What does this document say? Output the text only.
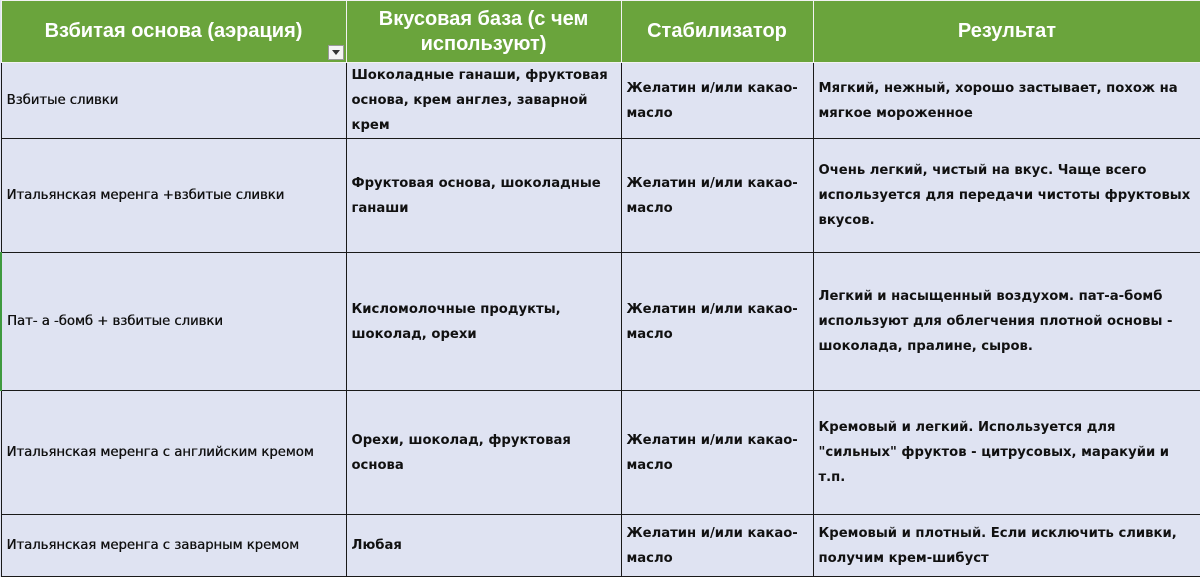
Взбитая основа (аэрация)	Вкусовая база (с чем используют)	Стабилизатор	Результат
Взбитые сливки	Шоколадные ганаши, фруктовая основа, крем англез, заварной крем	Желатин и/или какао-масло	Мягкий, нежный, хорошо застывает, похож на мягкое мороженное
Итальянская меренга +взбитые сливки	Фруктовая основа, шоколадные ганаши	Желатин и/или какао-масло	Очень легкий, чистый на вкус. Чаще всего используется для передачи чистоты фруктовых вкусов.
Пат- а -бомб + взбитые сливки	Кисломолочные продукты, шоколад, орехи	Желатин и/или какао-масло	Легкий и насыщенный воздухом. пат-а-бомб используют для облегчения плотной основы - шоколада, пралине, сыров.
Итальянская меренга с английским кремом	Орехи, шоколад, фруктовая основа	Желатин и/или какао-масло	Кремовый и легкий. Используется для "сильных" фруктов - цитрусовых, маракуйи и т.п.
Итальянская меренга с заварным кремом	Любая	Желатин и/или какао-масло	Кремовый и плотный. Если исключить сливки, получим крем-шибуст
